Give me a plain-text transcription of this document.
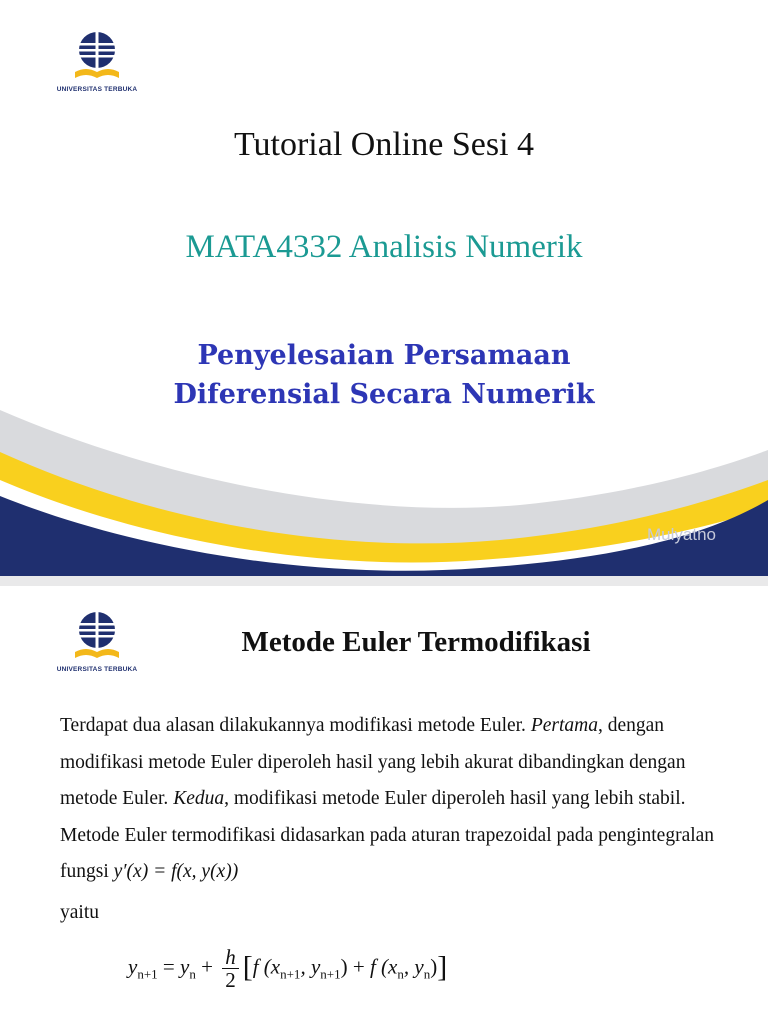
UNIVERSITAS TERBUKA
Tutorial Online Sesi 4
MATA4332 Analisis Numerik
Penyelesaian Persamaan
Diferensial Secara Numerik
Mulyatno
UNIVERSITAS TERBUKA
Metode Euler Termodifikasi
Terdapat dua alasan dilakukannya modifikasi metode Euler. Pertama, dengan modifikasi metode Euler diperoleh hasil yang lebih akurat dibandingkan dengan metode Euler. Kedua, modifikasi metode Euler diperoleh hasil yang lebih stabil. Metode Euler termodifikasi didasarkan pada aturan trapezoidal pada pengintegralan fungsi y′(x) = f(x, y(x))
yaitu
$y_{n+1} = y_n + \frac{h}{2} [f$ ($x_{n+1}$, $y_{n+1}) + f$ ($x_n$, $y_n$)]
